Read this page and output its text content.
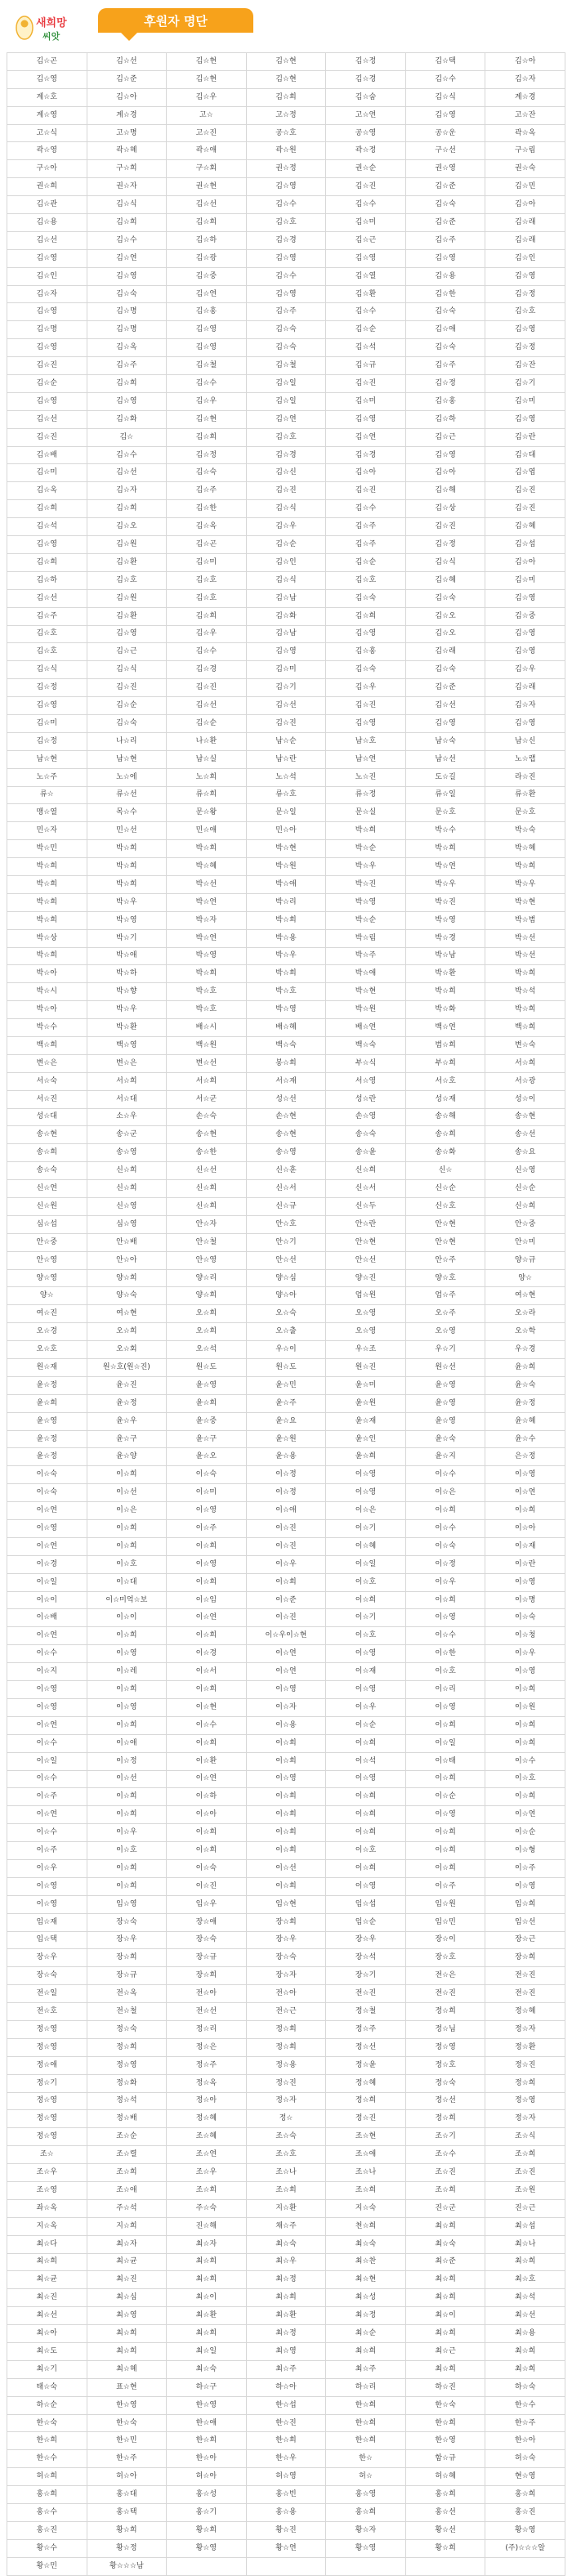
새희망
씨앗
후원자 명단
김☆곤	김☆선	김☆현	김☆현	김☆정	김☆택	김☆아
김☆영	김☆준	김☆현	김☆현	김☆경	김☆수	김☆자
계☆호	김☆아	김☆우	김☆희	김☆숨	김☆식	계☆경
계☆영	계☆경	고☆	고☆정	고☆연	김☆영	고☆잔
고☆식	고☆명	고☆진	공☆호	공☆영	공☆운	곽☆옥
곽☆영	곽☆혜	곽☆애	곽☆원	곽☆정	구☆선	구☆림
구☆아	구☆희	구☆회	권☆정	권☆순	권☆영	권☆숙
권☆희	권☆자	권☆현	김☆영	김☆진	김☆준	김☆민
김☆관	김☆식	김☆선	김☆수	김☆수	김☆숙	김☆아
김☆용	김☆희	김☆희	김☆호	김☆미	김☆준	김☆래
김☆선	김☆수	김☆하	김☆경	김☆근	김☆주	김☆래
김☆영	김☆연	김☆광	김☆영	김☆영	김☆영	김☆인
김☆인	김☆영	김☆중	김☆수	김☆열	김☆용	김☆영
김☆자	김☆숙	김☆연	김☆영	김☆환	김☆한	김☆정
김☆영	김☆명	김☆홍	김☆주	김☆수	김☆숙	김☆호
김☆명	김☆명	김☆영	김☆숙	김☆순	김☆애	김☆영
김☆영	김☆옥	김☆영	김☆숙	김☆석	김☆숙	김☆정
김☆진	김☆주	김☆철	김☆철	김☆규	김☆주	김☆잔
김☆순	김☆희	김☆수	김☆일	김☆진	김☆정	김☆기
김☆영	김☆영	김☆우	김☆일	김☆미	김☆홍	김☆미
김☆선	김☆화	김☆현	김☆연	김☆영	김☆하	김☆영
김☆진	김☆	김☆희	김☆호	김☆연	김☆근	김☆란
김☆배	김☆수	김☆정	김☆경	김☆경	김☆영	김☆대
김☆미	김☆선	김☆숙	김☆신	김☆아	김☆아	김☆엽
김☆옥	김☆자	김☆주	김☆진	김☆진	김☆해	김☆진
김☆희	김☆희	김☆한	김☆식	김☆수	김☆상	김☆진
김☆석	김☆오	김☆옥	김☆우	김☆주	김☆진	김☆혜
김☆영	김☆원	김☆곤	김☆순	김☆주	김☆정	김☆섭
김☆희	김☆환	김☆미	김☆인	김☆순	김☆식	김☆아
김☆하	김☆호	김☆호	김☆식	김☆호	김☆혜	김☆미
김☆선	김☆원	김☆호	김☆남	김☆숙	김☆숙	김☆영
김☆주	김☆환	김☆희	김☆화	김☆희	김☆오	김☆중
김☆호	김☆영	김☆우	김☆남	김☆영	김☆오	김☆영
김☆호	김☆근	김☆수	김☆영	김☆홍	김☆래	김☆영
김☆식	김☆식	김☆경	김☆미	김☆숙	김☆숙	김☆우
김☆정	김☆진	김☆진	김☆기	김☆우	김☆준	김☆래
김☆영	김☆순	김☆선	김☆선	김☆진	김☆선	김☆자
김☆미	김☆숙	김☆순	김☆진	김☆영	김☆영	김☆영
김☆정	나☆리	나☆환	남☆순	남☆호	남☆숙	남☆신
남☆현	남☆현	남☆실	남☆란	남☆연	남☆선	노☆랩
노☆주	노☆에	노☆희	노☆석	노☆진	도☆길	라☆진
류☆	류☆선	류☆희	류☆호	류☆정	류☆일	류☆환
맹☆열	목☆수	문☆왕	문☆일	문☆실	문☆호	문☆호
민☆자	민☆선	민☆애	민☆아	박☆희	박☆수	박☆숙
박☆민	박☆희	박☆희	박☆현	박☆순	박☆희	박☆혜
박☆희	박☆희	박☆혜	박☆원	박☆우	박☆연	박☆희
박☆희	박☆희	박☆선	박☆애	박☆진	박☆우	박☆우
박☆희	박☆우	박☆연	박☆리	박☆영	박☆진	박☆현
박☆희	박☆영	박☆자	박☆희	박☆순	박☆영	박☆범
박☆상	박☆기	박☆연	박☆용	박☆림	박☆경	박☆선
박☆희	박☆애	박☆영	박☆우	박☆주	박☆남	박☆선
박☆아	박☆하	박☆희	박☆희	박☆애	박☆환	박☆희
박☆시	박☆향	박☆호	박☆호	박☆현	박☆희	박☆석
박☆아	박☆우	박☆호	박☆영	박☆원	박☆화	박☆희
박☆수	박☆환	배☆시	배☆혜	배☆연	백☆연	백☆희
백☆희	백☆영	백☆원	백☆숙	백☆숙	범☆희	변☆숙
변☆은	변☆은	변☆선	봉☆희	부☆식	부☆희	서☆희
서☆숙	서☆희	서☆희	서☆재	서☆영	서☆호	서☆광
서☆진	서☆대	서☆군	성☆선	성☆란	성☆재	성☆이
성☆대	소☆우	손☆숙	손☆현	손☆영	송☆해	송☆현
송☆현	송☆군	송☆현	송☆현	송☆숙	송☆희	송☆선
송☆희	송☆영	송☆한	송☆영	송☆윤	송☆화	송☆요
송☆숙	신☆희	신☆선	신☆훈	신☆희	신☆	신☆영
신☆연	신☆희	신☆희	신☆서	신☆서	신☆순	신☆순
신☆원	신☆영	신☆희	신☆규	신☆두	신☆호	신☆희
심☆섭	심☆영	안☆자	안☆호	안☆란	안☆현	안☆중
안☆중	안☆배	안☆철	안☆기	안☆현	안☆현	안☆미
안☆영	안☆아	안☆영	안☆선	안☆선	안☆주	양☆규
양☆영	양☆희	양☆리	양☆심	양☆진	양☆호	양☆
양☆	양☆숙	양☆희	양☆아	엄☆원	엄☆주	여☆현
여☆진	여☆현	오☆희	오☆숙	오☆영	오☆주	오☆라
오☆경	오☆희	오☆희	오☆출	오☆영	오☆영	오☆학
오☆호	오☆회	오☆석	우☆이	우☆조	우☆기	우☆경
원☆재	원☆호(원☆진)	원☆도	원☆도	원☆진	원☆선	윤☆희
윤☆정	윤☆진	윤☆영	윤☆민	윤☆미	윤☆영	윤☆숙
윤☆희	윤☆정	윤☆희	윤☆주	윤☆원	윤☆영	윤☆정
윤☆영	윤☆우	윤☆중	윤☆요	윤☆재	윤☆영	윤☆혜
윤☆정	윤☆구	윤☆구	윤☆원	윤☆인	윤☆숙	윤☆수
윤☆정	윤☆양	윤☆오	윤☆용	윤☆희	윤☆지	은☆정
이☆숙	이☆희	이☆숙	이☆정	이☆영	이☆수	이☆영
이☆숙	이☆선	이☆미	이☆정	이☆영	이☆은	이☆연
이☆연	이☆은	이☆영	이☆애	이☆은	이☆희	이☆희
이☆영	이☆희	이☆주	이☆진	이☆기	이☆수	이☆아
이☆연	이☆희	이☆희	이☆진	이☆혜	이☆숙	이☆재
이☆경	이☆호	이☆영	이☆우	이☆일	이☆정	이☆란
이☆일	이☆대	이☆희	이☆희	이☆호	이☆우	이☆영
이☆이	이☆미억☆보	이☆임	이☆준	이☆희	이☆희	이☆명
이☆배	이☆이	이☆연	이☆진	이☆기	이☆영	이☆숙
이☆연	이☆희	이☆희	이☆우이☆현	이☆호	이☆수	이☆청
이☆수	이☆영	이☆경	이☆연	이☆영	이☆한	이☆우
이☆지	이☆레	이☆서	이☆연	이☆재	이☆호	이☆영
이☆영	이☆희	이☆희	이☆영	이☆영	이☆리	이☆희
이☆영	이☆영	이☆현	이☆자	이☆우	이☆영	이☆원
이☆연	이☆희	이☆수	이☆용	이☆순	이☆희	이☆희
이☆수	이☆애	이☆희	이☆희	이☆희	이☆일	이☆희
이☆일	이☆정	이☆환	이☆희	이☆석	이☆태	이☆수
이☆수	이☆선	이☆연	이☆영	이☆영	이☆희	이☆호
이☆주	이☆희	이☆하	이☆희	이☆희	이☆순	이☆희
이☆연	이☆희	이☆아	이☆희	이☆희	이☆영	이☆연
이☆수	이☆우	이☆희	이☆희	이☆희	이☆희	이☆순
이☆주	이☆호	이☆희	이☆희	이☆호	이☆희	이☆형
이☆우	이☆희	이☆숙	이☆선	이☆희	이☆희	이☆주
이☆영	이☆희	이☆진	이☆희	이☆영	이☆주	이☆영
이☆영	임☆영	임☆우	임☆현	임☆섭	임☆원	임☆희
임☆재	장☆숙	장☆애	장☆희	임☆순	임☆민	임☆선
임☆택	장☆우	장☆숙	장☆우	장☆우	장☆이	장☆근
장☆우	장☆희	장☆규	장☆숙	장☆석	장☆호	장☆희
장☆숙	장☆규	장☆희	장☆자	장☆기	전☆은	전☆진
전☆일	전☆옥	전☆아	전☆아	전☆진	전☆진	전☆진
전☆호	전☆철	전☆선	전☆근	정☆철	정☆희	정☆혜
정☆영	정☆숙	정☆리	정☆희	정☆주	정☆님	정☆자
정☆영	정☆희	정☆은	정☆희	정☆선	정☆영	정☆환
정☆애	정☆영	정☆주	정☆용	정☆윤	정☆호	정☆진
정☆기	정☆화	정☆옥	정☆진	정☆혜	정☆숙	정☆희
정☆영	정☆석	정☆아	정☆자	정☆희	정☆선	정☆영
정☆영	정☆배	정☆혜	정☆	정☆진	정☆희	정☆자
정☆영	조☆순	조☆혜	조☆숙	조☆현	조☆기	조☆식
조☆	조☆렬	조☆연	조☆호	조☆애	조☆수	조☆희
조☆우	조☆희	조☆우	조☆나	조☆나	조☆진	조☆진
조☆영	조☆애	조☆희	조☆희	조☆희	조☆희	조☆원
좌☆옥	주☆석	주☆숙	지☆환	지☆숙	진☆군	진☆근
지☆옥	지☆희	진☆해	채☆주	천☆희	최☆희	최☆섭
최☆다	최☆자	최☆자	최☆숙	최☆숙	최☆숙	최☆나
최☆희	최☆균	최☆희	최☆우	최☆찬	최☆준	최☆희
최☆균	최☆진	최☆희	최☆정	최☆현	최☆희	최☆호
최☆진	최☆심	최☆이	최☆희	최☆성	최☆희	최☆석
최☆선	최☆영	최☆환	최☆환	최☆정	최☆이	최☆선
최☆아	최☆희	최☆희	최☆정	최☆순	최☆희	최☆용
최☆도	최☆희	최☆일	최☆영	최☆희	최☆근	최☆희
최☆기	최☆혜	최☆숙	최☆주	최☆주	최☆희	최☆희
태☆숙	표☆현	하☆구	하☆아	하☆리	하☆진	하☆숙
하☆순	한☆영	한☆영	한☆섭	한☆희	한☆숙	한☆수
한☆숙	한☆숙	한☆애	한☆진	한☆희	한☆희	한☆주
한☆희	한☆민	한☆희	한☆희	한☆희	한☆영	한☆아
한☆수	한☆주	한☆아	한☆우	한☆	함☆규	허☆숙
허☆희	허☆아	허☆아	허☆영	허☆	허☆혜	현☆영
홍☆희	홍☆대	홍☆성	홍☆빈	홍☆영	홍☆희	홍☆희
홍☆수	홍☆택	홍☆기	홍☆용	홍☆희	홍☆선	홍☆진
홍☆진	황☆희	황☆희	황☆진	황☆자	황☆선	황☆영
황☆수	황☆정	황☆영	황☆연	황☆영	황☆희	(주)☆☆☆알
황☆민	황☆☆☆남					
